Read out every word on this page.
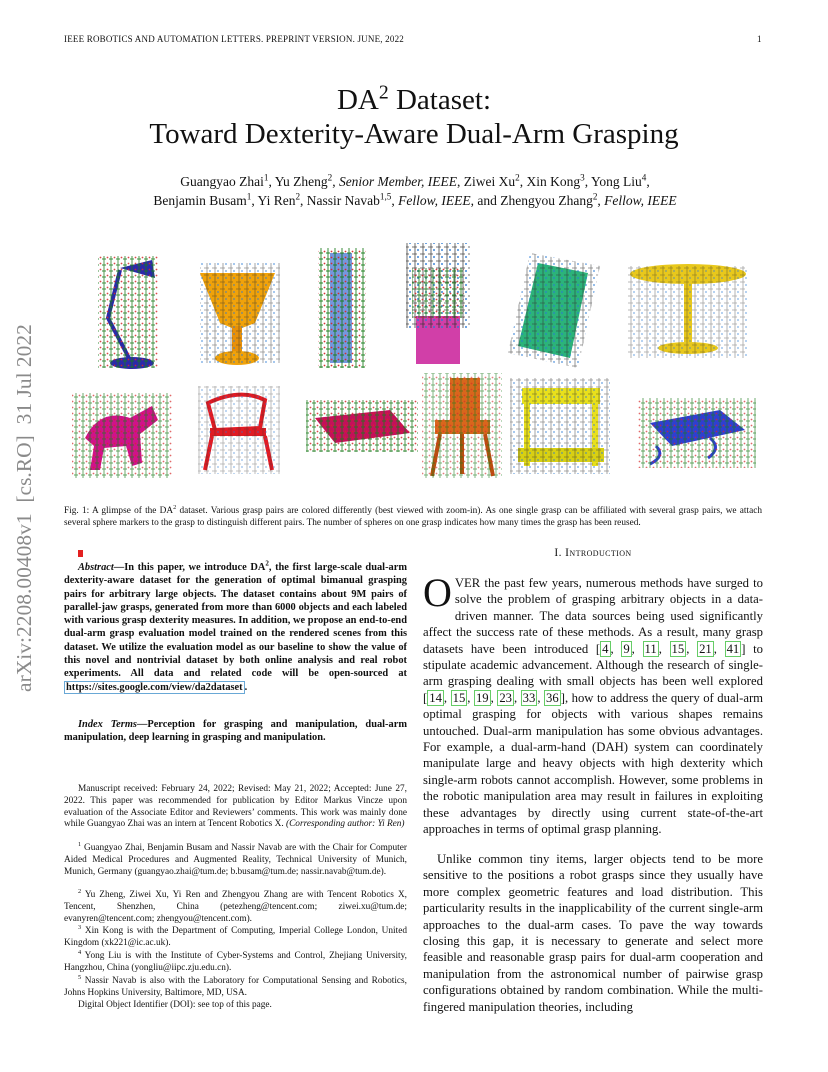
IEEE ROBOTICS AND AUTOMATION LETTERS. PREPRINT VERSION. JUNE, 2022	1
arXiv:2208.00408v1  [cs.RO]  31 Jul 2022
$DA^2$ Dataset:
Toward Dexterity-Aware Dual-Arm Grasping
Guangyao Zhai$^1$, Yu Zheng$^2$, Senior Member, IEEE, Ziwei Xu$^2$, Xin Kong$^3$, Yong Liu$^4$,
Benjamin Busam$^1$, Yi Ren$^2$, Nassir Navab$^{1,5}$, Fellow, IEEE, and Zhengyou Zhang$^2$, Fellow, IEEE
Fig. 1: A glimpse of the $DA^2$ dataset. Various grasp pairs are colored differently (best viewed with zoom-in). As one single grasp can be affiliated with several grasp pairs, we attach several sphere markers to the grasp to distinguish different pairs. The number of spheres on one grasp indicates how many times the grasp has been reused.
Abstract—In this paper, we introduce $DA^2$, the first large-scale dual-arm dexterity-aware dataset for the generation of optimal bimanual grasping pairs for arbitrary large objects. The dataset contains about 9M pairs of parallel-jaw grasps, generated from more than 6000 objects and each labeled with various grasp dexterity measures. In addition, we propose an end-to-end dual-arm grasp evaluation model trained on the rendered scenes from this dataset. We utilize the evaluation model as our baseline to show the value of this novel and nontrivial dataset by both online analysis and real robot experiments. All data and related code will be open-sourced at https://sites.google.com/view/da2dataset .
Index Terms—Perception for grasping and manipulation, dual-arm manipulation, deep learning in grasping and manipulation.
Manuscript received: February 24, 2022; Revised: May 21, 2022; Accepted: June 27, 2022. This paper was recommended for publication by Editor Markus Vincze upon evaluation of the Associate Editor and Reviewers’ comments. This work was mainly done while Guangyao Zhai was an intern at Tencent Robotics X. (Corresponding author: Yi Ren)
$^1$ Guangyao Zhai, Benjamin Busam and Nassir Navab are with the Chair for Computer Aided Medical Procedures and Augmented Reality, Technical University of Munich, Munich, Germany (guangyao.zhai@tum.de; b.busam@tum.de; nassir.navab@tum.de).
$^2$ Yu Zheng, Ziwei Xu, Yi Ren and Zhengyou Zhang are with Tencent Robotics X, Tencent, Shenzhen, China (petezheng@tencent.com; ziwei.xu@tum.de; evanyren@tencent.com; zhengyou@tencent.com).
$^3$ Xin Kong is with the Department of Computing, Imperial College London, United Kingdom (xk221@ic.ac.uk).
$^4$ Yong Liu is with the Institute of Cyber-Systems and Control, Zhejiang University, Hangzhou, China (yongliu@iipc.zju.edu.cn).
$^5$ Nassir Navab is also with the Laboratory for Computational Sensing and Robotics, Johns Hopkins University, Baltimore, MD, USA.
Digital Object Identifier (DOI): see top of this page.
I. Introduction
OVER the past few years, numerous methods have surged to solve the problem of grasping arbitrary objects in a data-driven manner. The data sources being used significantly affect the success rate of these methods. As a result, many grasp datasets have been introduced [ 4 , 9 , 11 , 15 , 21 , 41 ] to stipulate academic advancement. Although the research of single-arm grasping dealing with small objects has been well explored [ 14 , 15 , 19 , 23 , 33 , 36 ], how to address the query of dual-arm optimal grasping for objects with various shapes remains untouched. Dual-arm manipulation has some obvious advantages. For example, a dual-arm-hand (DAH) system can coordinately manipulate large and heavy objects with high dexterity which single-arm robots cannot accomplish. However, some problems in the robotic manipulation area may result in failures in exploiting these advantages by directly using current state-of-the-art approaches in terms of optimal grasp planning.
Unlike common tiny items, larger objects tend to be more sensitive to the positions a robot grasps since they usually have more complex geometric features and load distribution. This particularity results in the inapplicability of the current single-arm approaches to the dual-arm cases. To pave the way towards closing this gap, it is necessary to generate and select more feasible and reasonable grasp pairs for dual-arm cooperation and manipulation from the astronomical number of pairwise grasp configurations obtained by random combination. While the multi-fingered manipulation theories, including
